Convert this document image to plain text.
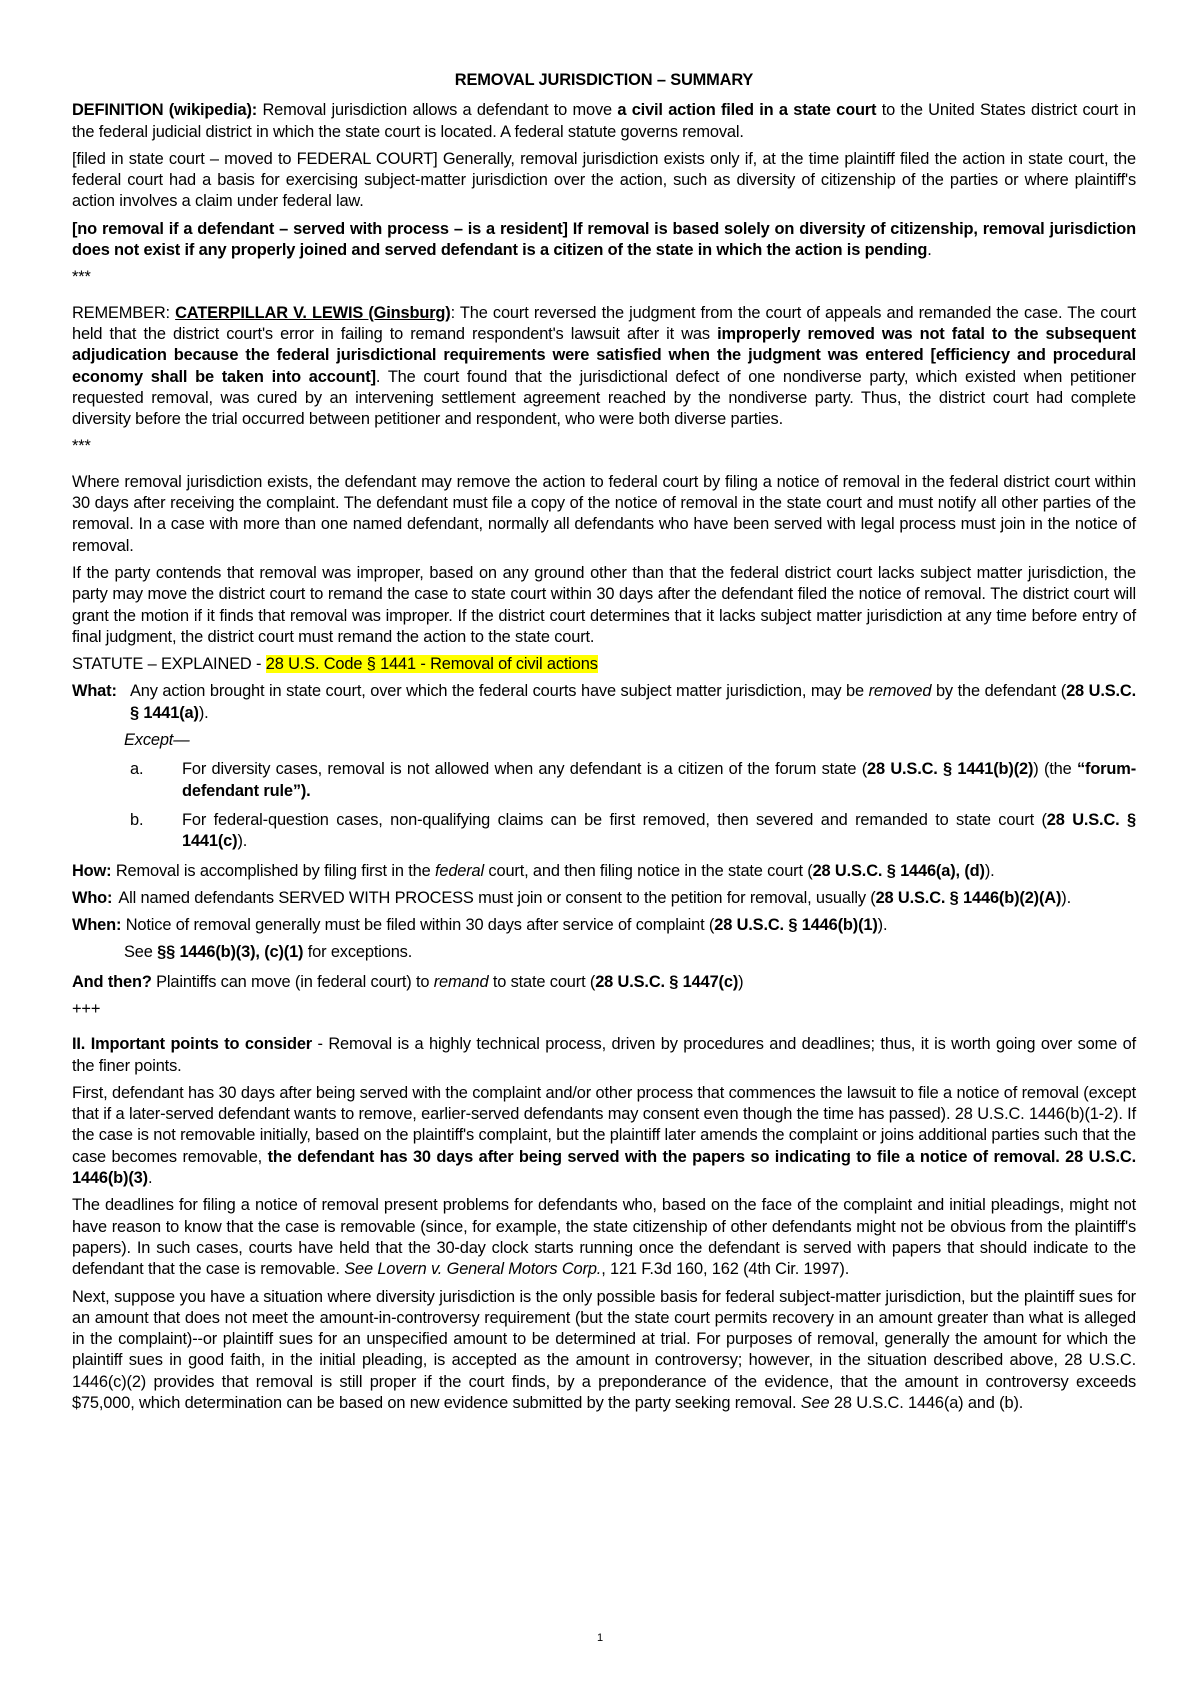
REMOVAL JURISDICTION – SUMMARY

DEFINITION (wikipedia): Removal jurisdiction allows a defendant to move a civil action filed in a state court to the United States district court in the federal judicial district in which the state court is located. A federal statute governs removal.

[filed in state court – moved to FEDERAL COURT] Generally, removal jurisdiction exists only if, at the time plaintiff filed the action in state court, the federal court had a basis for exercising subject-matter jurisdiction over the action, such as diversity of citizenship of the parties or where plaintiff's action involves a claim under federal law.

[no removal if a defendant – served with process – is a resident] If removal is based solely on diversity of citizenship, removal jurisdiction does not exist if any properly joined and served defendant is a citizen of the state in which the action is pending.

***

REMEMBER: CATERPILLAR V. LEWIS (Ginsburg): The court reversed the judgment from the court of appeals and remanded the case. The court held that the district court's error in failing to remand respondent's lawsuit after it was improperly removed was not fatal to the subsequent adjudication because the federal jurisdictional requirements were satisfied when the judgment was entered [efficiency and procedural economy shall be taken into account]. The court found that the jurisdictional defect of one nondiverse party, which existed when petitioner requested removal, was cured by an intervening settlement agreement reached by the nondiverse party. Thus, the district court had complete diversity before the trial occurred between petitioner and respondent, who were both diverse parties.

***

Where removal jurisdiction exists, the defendant may remove the action to federal court by filing a notice of removal in the federal district court within 30 days after receiving the complaint. The defendant must file a copy of the notice of removal in the state court and must notify all other parties of the removal. In a case with more than one named defendant, normally all defendants who have been served with legal process must join in the notice of removal.

If the party contends that removal was improper, based on any ground other than that the federal district court lacks subject matter jurisdiction, the party may move the district court to remand the case to state court within 30 days after the defendant filed the notice of removal. The district court will grant the motion if it finds that removal was improper. If the district court determines that it lacks subject matter jurisdiction at any time before entry of final judgment, the district court must remand the action to the state court.

STATUTE – EXPLAINED - 28 U.S. Code § 1441 - Removal of civil actions

What: Any action brought in state court, over which the federal courts have subject matter jurisdiction, may be removed by the defendant (28 U.S.C. § 1441(a)).

Except—

a.	For diversity cases, removal is not allowed when any defendant is a citizen of the forum state (28 U.S.C. § 1441(b)(2)) (the “forum-defendant rule”).
b.	For federal-question cases, non-qualifying claims can be first removed, then severed and remanded to state court (28 U.S.C. § 1441(c)).

How: Removal is accomplished by filing first in the federal court, and then filing notice in the state court (28 U.S.C. § 1446(a), (d)).

Who: All named defendants SERVED WITH PROCESS must join or consent to the petition for removal, usually (28 U.S.C. § 1446(b)(2)(A)).

When: Notice of removal generally must be filed within 30 days after service of complaint (28 U.S.C. § 1446(b)(1)).

See §§ 1446(b)(3), (c)(1) for exceptions.

And then? Plaintiffs can move (in federal court) to remand to state court (28 U.S.C. § 1447(c))

+++

II. Important points to consider - Removal is a highly technical process, driven by procedures and deadlines; thus, it is worth going over some of the finer points.

First, defendant has 30 days after being served with the complaint and/or other process that commences the lawsuit to file a notice of removal (except that if a later-served defendant wants to remove, earlier-served defendants may consent even though the time has passed). 28 U.S.C. 1446(b)(1-2). If the case is not removable initially, based on the plaintiff's complaint, but the plaintiff later amends the complaint or joins additional parties such that the case becomes removable, the defendant has 30 days after being served with the papers so indicating to file a notice of removal. 28 U.S.C. 1446(b)(3).

The deadlines for filing a notice of removal present problems for defendants who, based on the face of the complaint and initial pleadings, might not have reason to know that the case is removable (since, for example, the state citizenship of other defendants might not be obvious from the plaintiff's papers). In such cases, courts have held that the 30-day clock starts running once the defendant is served with papers that should indicate to the defendant that the case is removable. See Lovern v. General Motors Corp., 121 F.3d 160, 162 (4th Cir. 1997).

Next, suppose you have a situation where diversity jurisdiction is the only possible basis for federal subject-matter jurisdiction, but the plaintiff sues for an amount that does not meet the amount-in-controversy requirement (but the state court permits recovery in an amount greater than what is alleged in the complaint)--or plaintiff sues for an unspecified amount to be determined at trial. For purposes of removal, generally the amount for which the plaintiff sues in good faith, in the initial pleading, is accepted as the amount in controversy; however, in the situation described above, 28 U.S.C. 1446(c)(2) provides that removal is still proper if the court finds, by a preponderance of the evidence, that the amount in controversy exceeds $75,000, which determination can be based on new evidence submitted by the party seeking removal. See 28 U.S.C. 1446(a) and (b).

1
